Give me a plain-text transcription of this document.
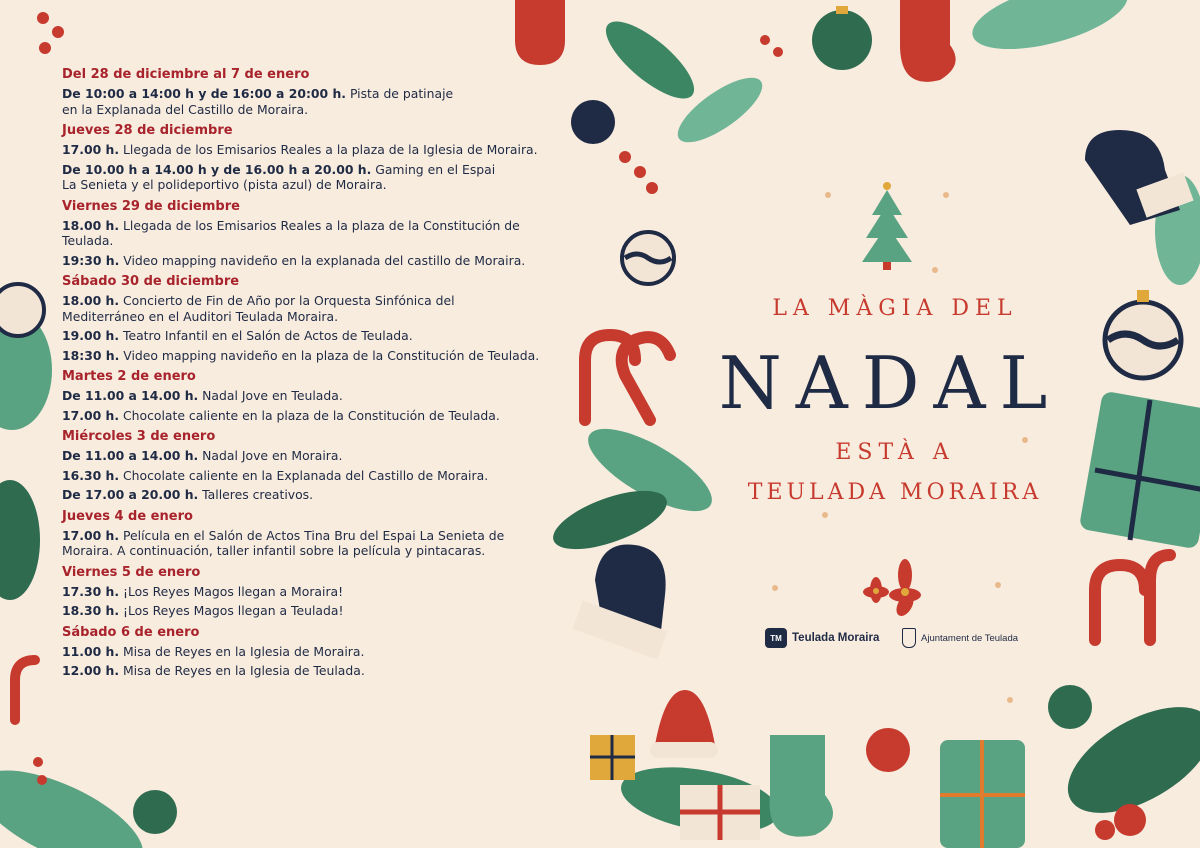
Del 28 de diciembre al 7 de enero
De 10:00 a 14:00 h y de 16:00 a 20:00 h. Pista de patinaje
en la Explanada del Castillo de Moraira.
Jueves 28 de diciembre
17.00 h. Llegada de los Emisarios Reales a la plaza de la Iglesia de Moraira.
De 10.00 h a 14.00 h y de 16.00 h a 20.00 h. Gaming en el Espai
La Senieta y el polideportivo (pista azul) de Moraira.
Viernes 29 de diciembre
18.00 h. Llegada de los Emisarios Reales a la plaza de la Constitución de
Teulada.
19:30 h. Video mapping navideño en la explanada del castillo de Moraira.
Sábado 30 de diciembre
18.00 h. Concierto de Fin de Año por la Orquesta Sinfónica del
Mediterráneo en el Auditori Teulada Moraira.
19.00 h. Teatro Infantil en el Salón de Actos de Teulada.
18:30 h. Video mapping navideño en la plaza de la Constitución de Teulada.
Martes 2 de enero
De 11.00 a 14.00 h. Nadal Jove en Teulada.
17.00 h. Chocolate caliente en la plaza de la Constitución de Teulada.
Miércoles 3 de enero
De 11.00 a 14.00 h. Nadal Jove en Moraira.
16.30 h. Chocolate caliente en la Explanada del Castillo de Moraira.
De 17.00 a 20.00 h. Talleres creativos.
Jueves 4 de enero
17.00 h. Película en el Salón de Actos Tina Bru del Espai La Senieta de
Moraira. A continuación, taller infantil sobre la película y pintacaras.
Viernes 5 de enero
17.30 h. ¡Los Reyes Magos llegan a Moraira!
18.30 h. ¡Los Reyes Magos llegan a Teulada!
Sábado 6 de enero
11.00 h. Misa de Reyes en la Iglesia de Moraira.
12.00 h. Misa de Reyes en la Iglesia de Teulada.
LA MÀGIA DEL
NADAL
ESTÀ A
TEULADA MORAIRA
TM Teulada Moraira	Ajuntament de Teulada
